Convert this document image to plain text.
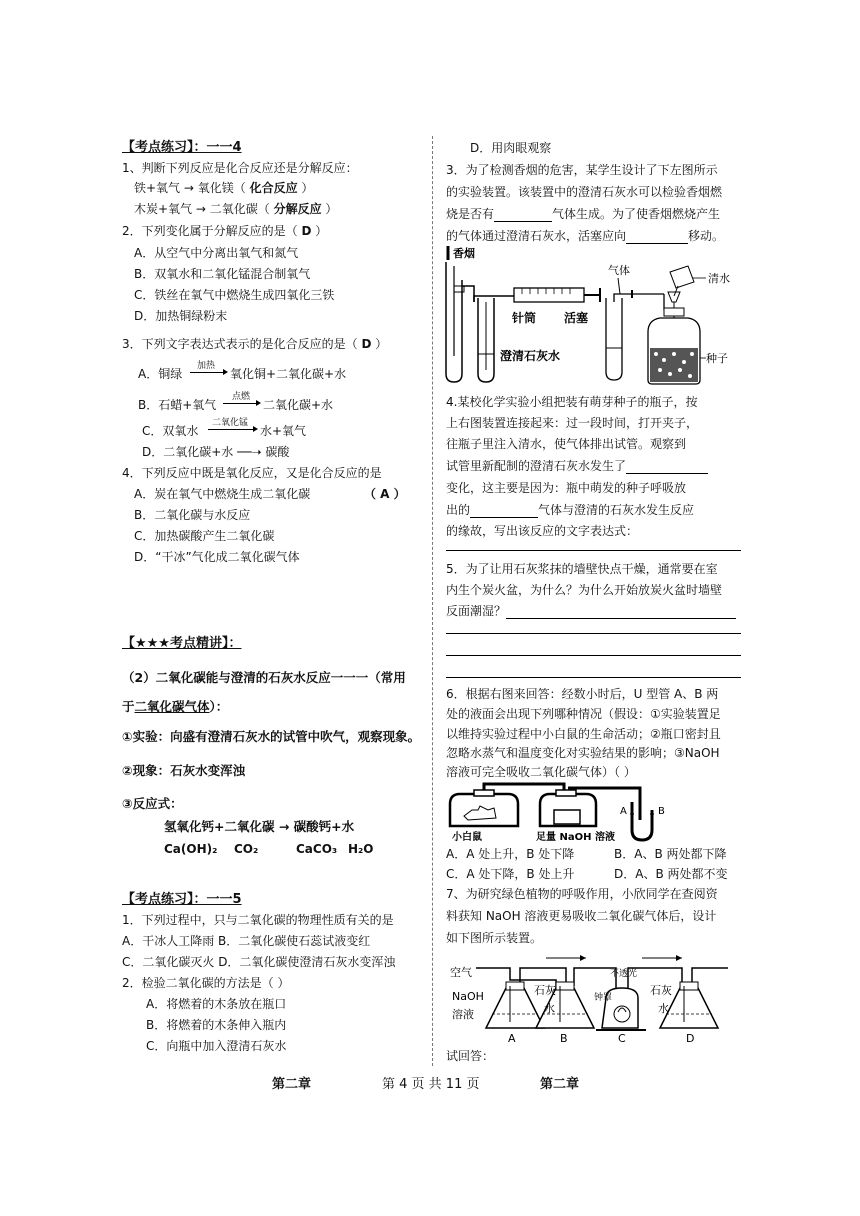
【考点练习】：一一4
1、判断下列反应是化合反应还是分解反应：
铁+氧气 → 氧化镁（ 化合反应 ）
木炭+氧气 → 二氧化碳（ 分解反应 ）
2．下列变化属于分解反应的是（ D ）
A．从空气中分离出氧气和氮气
B．双氧水和二氧化锰混合制氧气
C．铁丝在氧气中燃烧生成四氧化三铁
D．加热铜绿粉末
3．下列文字表达式表示的是化合反应的是（ D ）
A．铜绿
加热
→ 氧化铜+二氧化碳+水
B．石蜡+氧气
点燃
→ 二氧化碳+水
C．双氧水
二氧化锰
→ 水+氧气
D．二氧化碳+水 ──➝ 碳酸
4．下列反应中既是氧化反应，又是化合反应的是
A．炭在氧气中燃烧生成二氧化碳	（ A ）
B．二氧化碳与水反应
C．加热碳酸产生二氧化碳
D．“干冰”气化成二氧化碳气体
【★★★考点精讲】：
（2）二氧化碳能与澄清的石灰水反应一一一（常用
于二氧化碳气体）：
①实验：向盛有澄清石灰水的试管中吹气，观察现象。
②现象：石灰水变浑浊
③反应式：
氢氧化钙+二氧化碳 → 碳酸钙+水
Ca(OH)₂ CO₂	CaCO₃ H₂O
【考点练习】：一一5
1．下列过程中，只与二氧化碳的物理性质有关的是
A．干冰人工降雨 B．二氧化碳使石蕊试液变红
C．二氧化碳灭火 D．二氧化碳使澄清石灰水变浑浊
2．检验二氧化碳的方法是（ ）
A．将燃着的木条放在瓶口
B．将燃着的木条伸入瓶内
C．向瓶中加入澄清石灰水
D．用肉眼观察
3．为了检测香烟的危害，某学生设计了下左图所示
的实验装置。该装置中的澄清石灰水可以检验香烟燃
烧是否有	气体生成。为了使香烟燃烧产生
的气体通过澄清石灰水，活塞应向	移动。
香烟
针筒 活塞
澄清石灰水
气体
清水
种子
4.某校化学实验小组把装有萌芽种子的瓶子，按
上右图装置连接起来：过一段时间，打开夹子，
往瓶子里注入清水，使气体排出试管。观察到
试管里新配制的澄清石灰水发生了
变化，这主要是因为：瓶中萌发的种子呼吸放
出的	气体与澄清的石灰水发生反应
的缘故，写出该反应的文字表达式：
5．为了让用石灰浆抹的墙壁快点干燥，通常要在室
内生个炭火盆，为什么？为什么开始放炭火盆时墙壁
反面潮湿？
6．根据右图来回答：经数小时后，U 型管 A、B 两
处的液面会出现下列哪种情况（假设：①实验装置足
以维持实验过程中小白鼠的生命活动；②瓶口密封且
忽略水蒸气和温度变化对实验结果的影响；③NaOH
溶液可完全吸收二氧化碳气体）（ ）
A	B
小白鼠	足量 NaOH 溶液
A．A 处上升，B 处下降	B．A、B 两处都下降
C．A 处下降，B 处上升	D．A、B 两处都不变
7、为研究绿色植物的呼吸作用，小欣同学在查阅资
料获知 NaOH 溶液更易吸收二氧化碳气体后，设计
如下图所示装置。
空气
NaOH
溶液
石灰
水
不透光
钟罩
石灰
水
A	B	C	D
试回答：
第二章	第 4 页 共 11 页	第二章
